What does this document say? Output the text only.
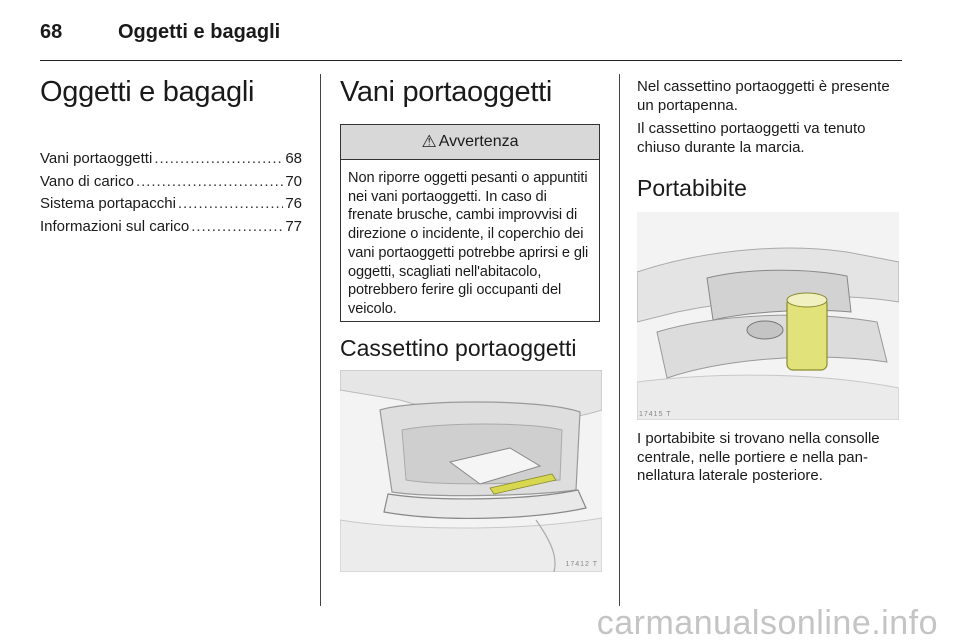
68	Oggetti e bagagli
Oggetti e bagagli
Vani portaoggetti . . .	68
Vano di carico . . .	70
Sistema portapacchi . . .	76
Informazioni sul carico . . .	77
Vani portaoggetti
⚠ Avvertenza
Non riporre oggetti pesanti o appuntiti nei vani portaoggetti. In caso di frenate brusche, cambi improvvisi di direzione o incidente, il coperchio dei vani portaoggetti potrebbe aprirsi e gli oggetti, scagliati nell'abitacolo, potrebbero ferire gli occupanti del veicolo.
Cassettino portaoggetti
17412 T

Nel cassettino portaoggetti è presente un portapenna.

Il cassettino portaoggetti va tenuto chiuso durante la marcia.

Portabibite
17415 T

I portabibite si trovano nella consolle centrale, nelle portiere e nella pannellatura laterale posteriore.

carmanualsonline.info
